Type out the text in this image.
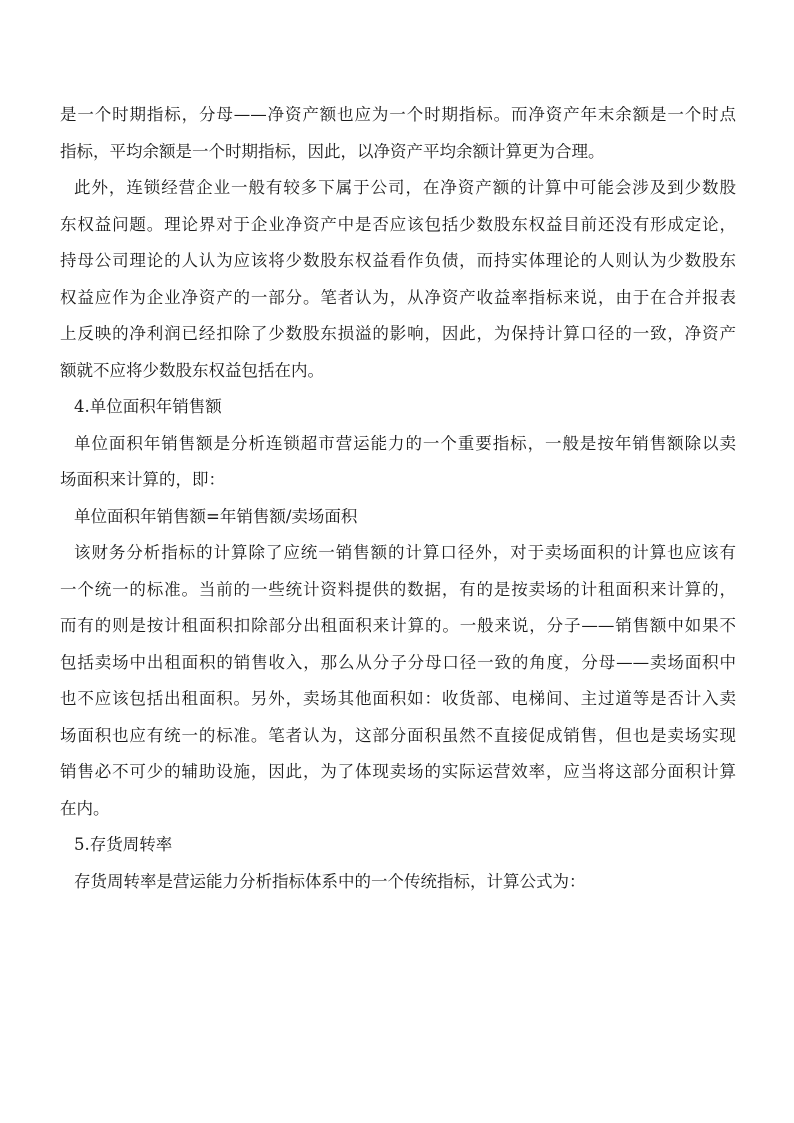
是一个时期指标，分母——净资产额也应为一个时期指标。而净资产年末余额是一个时点
指标，平均余额是一个时期指标，因此，以净资产平均余额计算更为合理。
此外，连锁经营企业一般有较多下属于公司，在净资产额的计算中可能会涉及到少数股
东权益问题。理论界对于企业净资产中是否应该包括少数股东权益目前还没有形成定论，
持母公司理论的人认为应该将少数股东权益看作负债，而持实体理论的人则认为少数股东
权益应作为企业净资产的一部分。笔者认为，从净资产收益率指标来说，由于在合并报表
上反映的净利润已经扣除了少数股东损溢的影响，因此，为保持计算口径的一致，净资产
额就不应将少数股东权益包括在内。
4.单位面积年销售额
单位面积年销售额是分析连锁超市营运能力的一个重要指标，一般是按年销售额除以卖
场面积来计算的，即：
单位面积年销售额=年销售额/卖场面积
该财务分析指标的计算除了应统一销售额的计算口径外，对于卖场面积的计算也应该有
一个统一的标准。当前的一些统计资料提供的数据，有的是按卖场的计租面积来计算的，
而有的则是按计租面积扣除部分出租面积来计算的。一般来说，分子——销售额中如果不
包括卖场中出租面积的销售收入，那么从分子分母口径一致的角度，分母——卖场面积中
也不应该包括出租面积。另外，卖场其他面积如：收货部、电梯间、主过道等是否计入卖
场面积也应有统一的标准。笔者认为，这部分面积虽然不直接促成销售，但也是卖场实现
销售必不可少的辅助设施，因此，为了体现卖场的实际运营效率，应当将这部分面积计算
在内。
5.存货周转率
存货周转率是营运能力分析指标体系中的一个传统指标，计算公式为：
